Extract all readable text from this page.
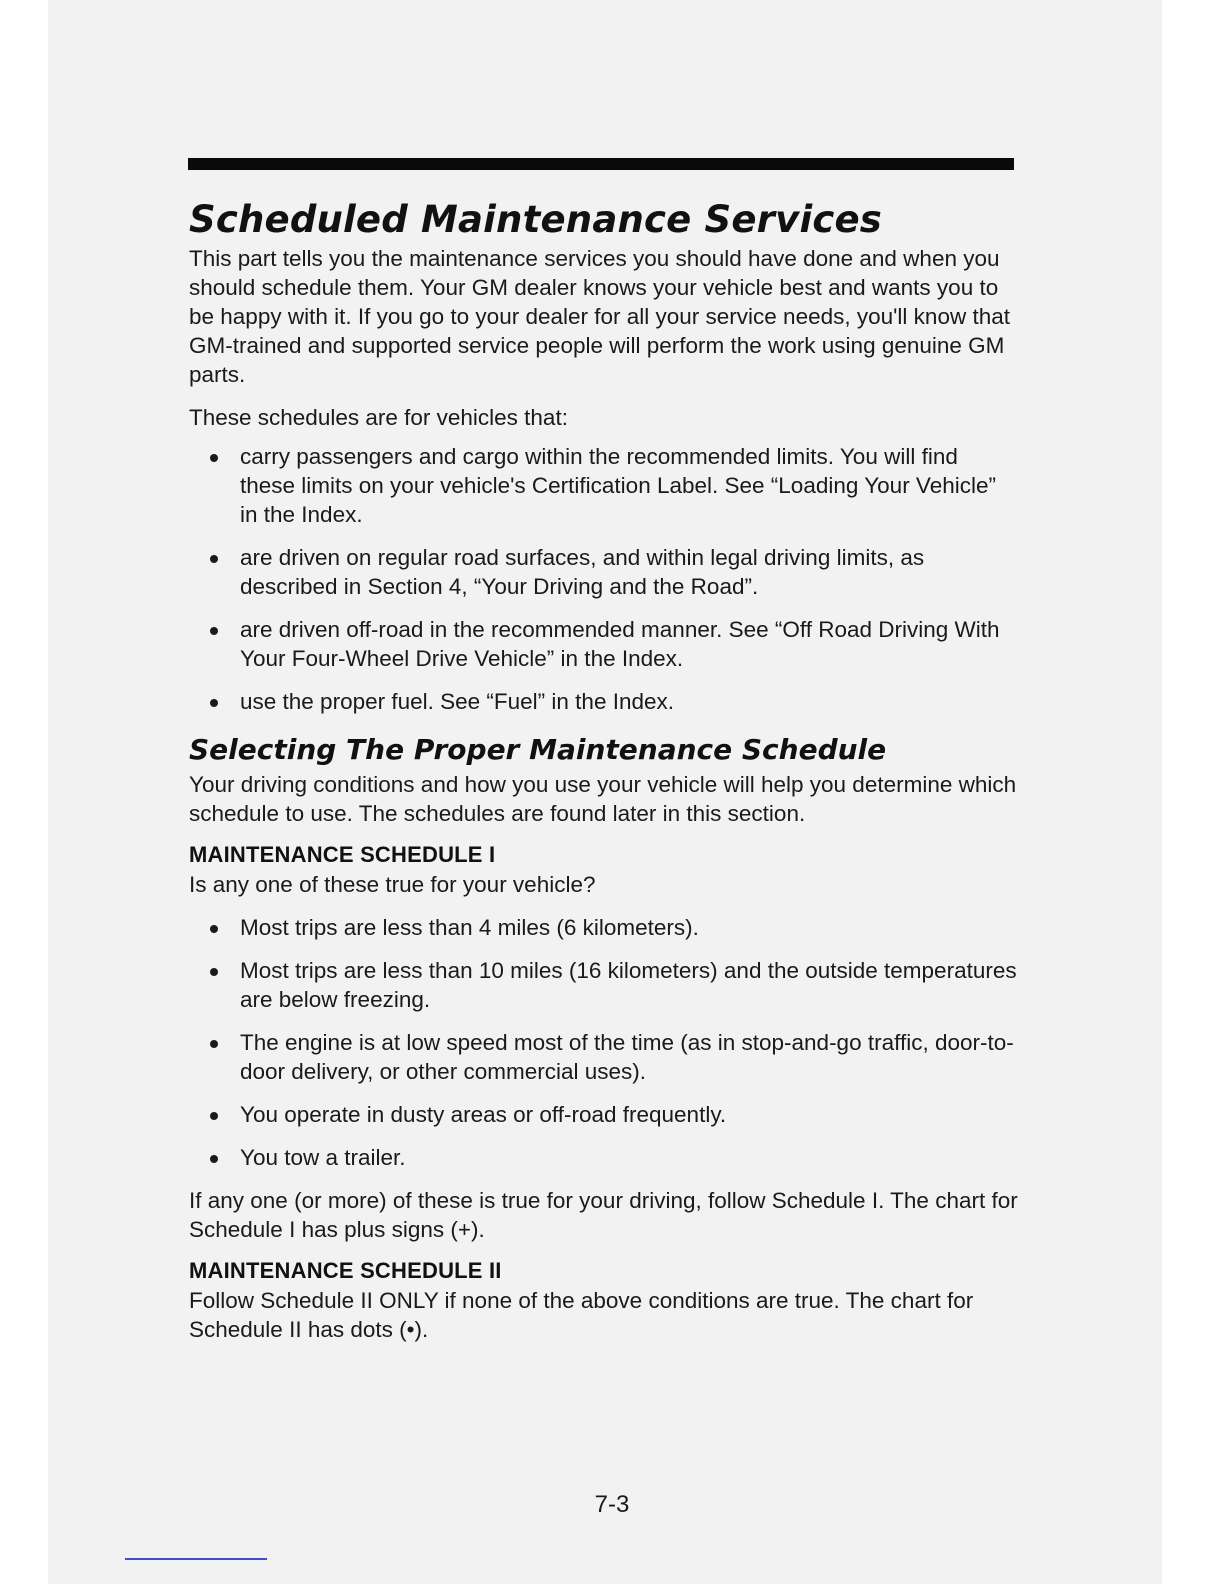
Scheduled Maintenance Services

This part tells you the maintenance services you should have done and when you should schedule them. Your GM dealer knows your vehicle best and wants you to be happy with it. If you go to your dealer for all your service needs, you'll know that GM-trained and supported service people will perform the work using genuine GM parts.

These schedules are for vehicles that:

carry passengers and cargo within the recommended limits. You will find these limits on your vehicle's Certification Label. See “Loading Your Vehicle” in the Index.
are driven on regular road surfaces, and within legal driving limits, as described in Section 4, “Your Driving and the Road”.
are driven off-road in the recommended manner. See “Off Road Driving With Your Four-Wheel Drive Vehicle” in the Index.
use the proper fuel. See “Fuel” in the Index.
Selecting The Proper Maintenance Schedule

Your driving conditions and how you use your vehicle will help you determine which schedule to use. The schedules are found later in this section.

MAINTENANCE SCHEDULE I

Is any one of these true for your vehicle?

Most trips are less than 4 miles (6 kilometers).
Most trips are less than 10 miles (16 kilometers) and the outside temperatures are below freezing.
The engine is at low speed most of the time (as in stop-and-go traffic, door-to-door delivery, or other commercial uses).
You operate in dusty areas or off-road frequently.
You tow a trailer.

If any one (or more) of these is true for your driving, follow Schedule I. The chart for Schedule I has plus signs (+).

MAINTENANCE SCHEDULE II

Follow Schedule II ONLY if none of the above conditions are true. The chart for Schedule II has dots (•).

7-3
